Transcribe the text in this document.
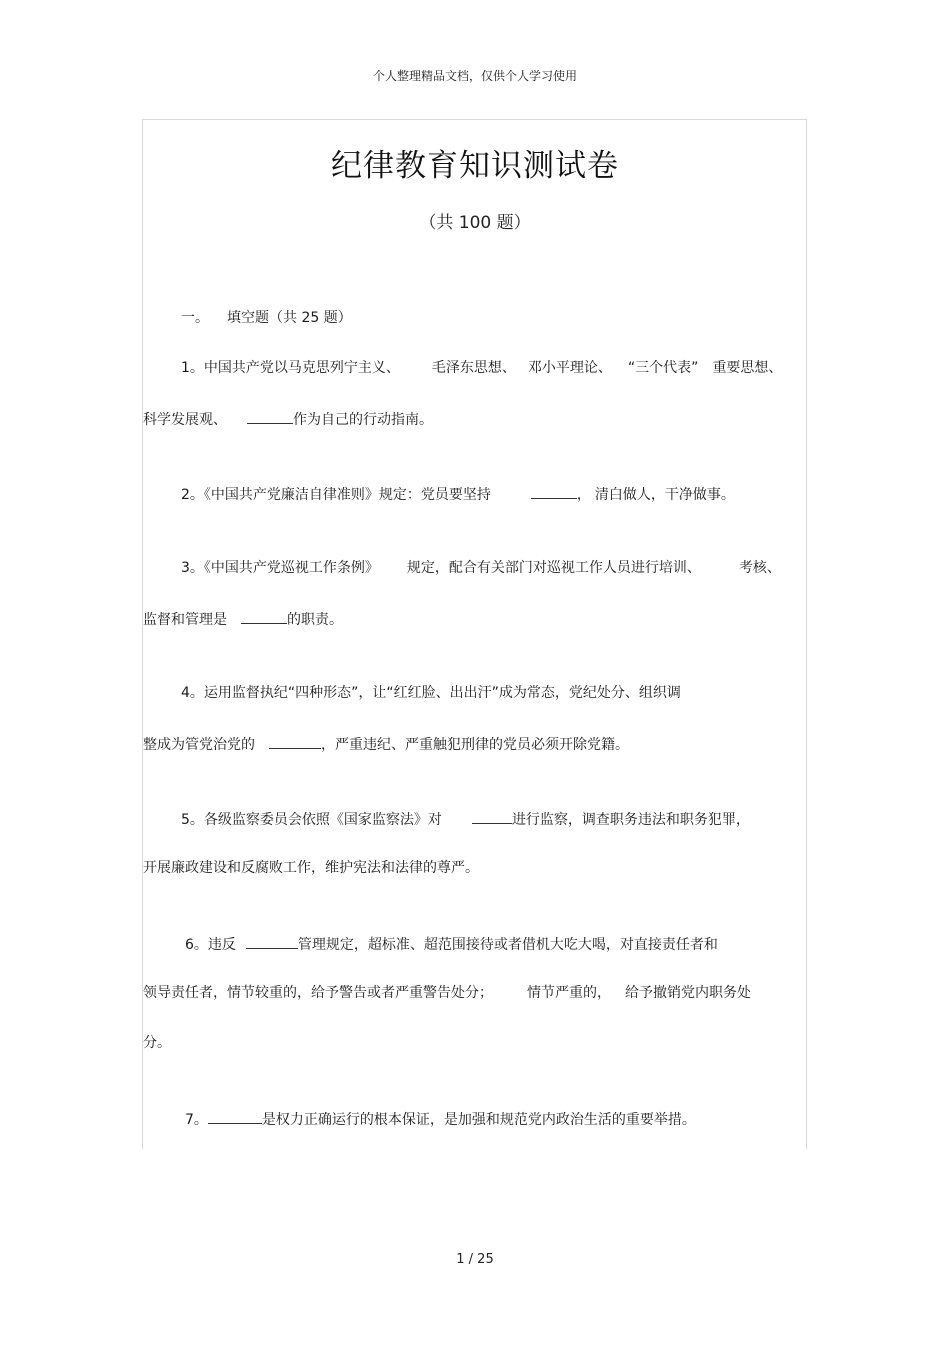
个人整理精品文档，仅供个人学习使用
纪律教育知识测试卷
（共 100 题）
一。 填空题（共 25 题）
1。中国共产党以马克思列宁主义、 毛泽东思想、 邓小平理论、 “三个代表” 重要思想、
科学发展观、	作为自己的行动指南。
2。《中国共产党廉洁自律准则》规定：党员要坚持	， 清白做人，干净做事。
3。《中国共产党巡视工作条例》 规定，配合有关部门对巡视工作人员进行培训、	考核、
监督和管理是	的职责。
4。运用监督执纪“四种形态”，让“红红脸、出出汗”成为常态，党纪处分、组织调
整成为管党治党的	，严重违纪、严重触犯刑律的党员必须开除党籍。
5。各级监察委员会依照《国家监察法》对	进行监察，调查职务违法和职务犯罪，
开展廉政建设和反腐败工作，维护宪法和法律的尊严。
6。违反	管理规定，超标准、超范围接待或者借机大吃大喝，对直接责任者和
领导责任者，情节较重的，给予警告或者严重警告处分； 情节严重的， 给予撤销党内职务处
分。
7。	是权力正确运行的根本保证，是加强和规范党内政治生活的重要举措。
1 / 25
